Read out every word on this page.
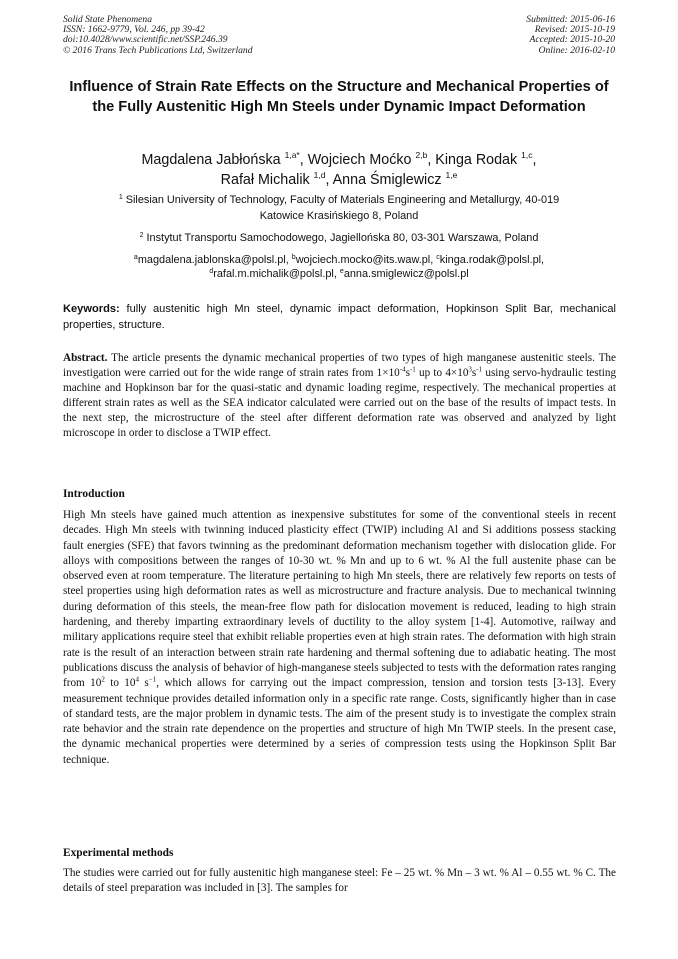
Solid State Phenomena
ISSN: 1662-9779, Vol. 246, pp 39-42
doi:10.4028/www.scientific.net/SSP.246.39
© 2016 Trans Tech Publications Ltd, Switzerland
Submitted: 2015-06-16
Revised: 2015-10-19
Accepted: 2015-10-20
Online: 2016-02-10
Influence of Strain Rate Effects on the Structure and Mechanical Properties of the Fully Austenitic High Mn Steels under Dynamic Impact Deformation
Magdalena Jabłońska $^{1,a*}$, Wojciech Moćko $^{2,b}$, Kinga Rodak $^{1,c}$,
Rafał Michalik $^{1,d}$, Anna Śmiglewicz $^{1,e}$
$^1$ Silesian University of Technology, Faculty of Materials Engineering and Metallurgy, 40-019
Katowice Krasińskiego 8, Poland
$^2$ Instytut Transportu Samochodowego, Jagiellońska 80, 03-301 Warszawa, Poland
$^a$magdalena.jablonska@polsl.pl, $^b$wojciech.mocko@its.waw.pl, $^c$kinga.rodak@polsl.pl,
$^d$rafal.m.michalik@polsl.pl, $^e$anna.smiglewicz@polsl.pl
Keywords: fully austenitic high Mn steel, dynamic impact deformation, Hopkinson Split Bar, mechanical properties, structure.
Abstract. The article presents the dynamic mechanical properties of two types of high manganese austenitic steels. The investigation were carried out for the wide range of strain rates from $1\times 10^{-4}s^{-1}$ up to $4\times 10^3s^{-1}$ using servo-hydraulic testing machine and Hopkinson bar for the quasi-static and dynamic loading regime, respectively. The mechanical properties at different strain rates as well as the SEA indicator calculated were carried out on the base of the results of impact tests. In the next step, the microstructure of the steel after different deformation rate was observed and analyzed by light microscope in order to disclose a TWIP effect.
Introduction
High Mn steels have gained much attention as inexpensive substitutes for some of the conventional steels in recent decades. High Mn steels with twinning induced plasticity effect (TWIP) including Al and Si additions possess stacking fault energies (SFE) that favors twinning as the predominant deformation mechanism together with dislocation glide. For alloys with compositions between the ranges of 10-30 wt. % Mn and up to 6 wt. % Al the full austenite phase can be observed even at room temperature. The literature pertaining to high Mn steels, there are relatively few reports on tests of steel properties using high deformation rates as well as microstructure and fracture analysis. Due to mechanical twinning during deformation of this steels, the mean-free flow path for dislocation movement is reduced, leading to high strain hardening, and thereby imparting extraordinary levels of ductility to the alloy system [1-4]. Automotive, railway and military applications require steel that exhibit reliable properties even at high strain rates. The deformation with high strain rate is the result of an interaction between strain rate hardening and thermal softening due to adiabatic heating. The most publications discuss the analysis of behavior of high-manganese steels subjected to tests with the deformation rates ranging from $10^2$ to $10^4$ $s^{-1}$, which allows for carrying out the impact compression, tension and torsion tests [3-13]. Every measurement technique provides detailed information only in a specific rate range. Costs, significantly higher than in case of standard tests, are the major problem in dynamic tests. The aim of the present study is to investigate the complex strain rate behavior and the strain rate dependence on the properties and structure of high Mn TWIP steels. In the present case, the dynamic mechanical properties were determined by a series of compression tests using the Hopkinson Split Bar technique.
Experimental methods
The studies were carried out for fully austenitic high manganese steel: Fe – 25 wt. % Mn – 3 wt. % Al – 0.55 wt. % C. The details of steel preparation was included in [3]. The samples for
